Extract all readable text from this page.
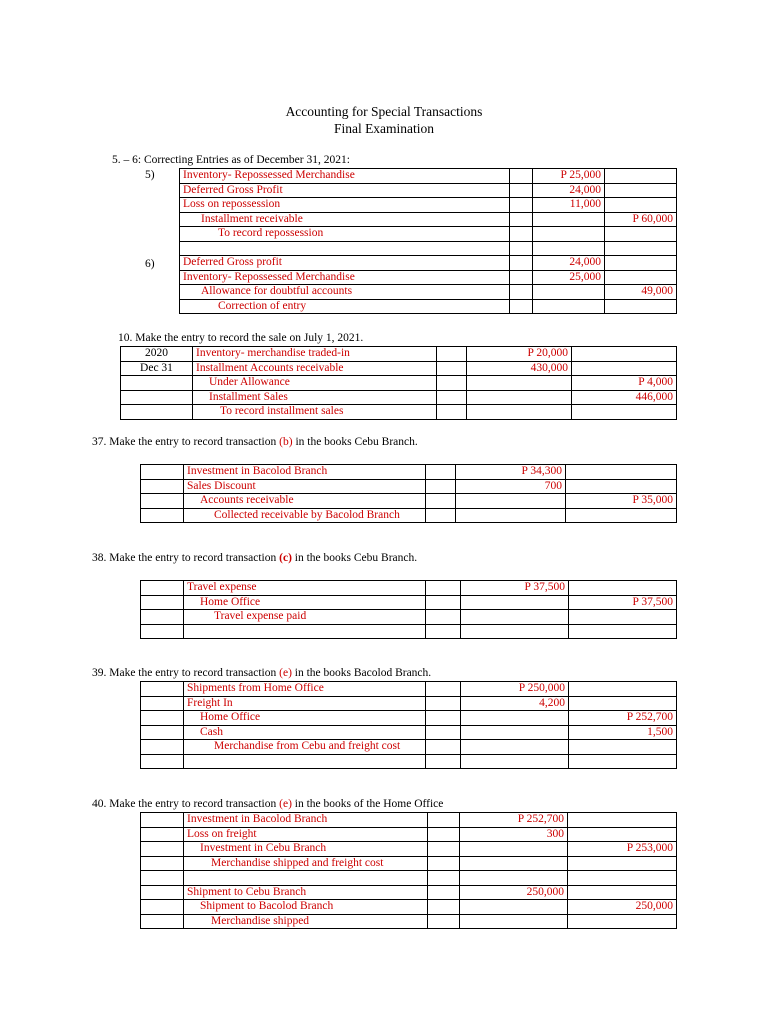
Accounting for Special Transactions
Final Examination
5. – 6: Correcting Entries as of December 31, 2021:
5)
6)
Inventory- Repossessed Merchandise		P 25,000	
Deferred Gross Profit		24,000	
Loss on repossession		11,000	
Installment receivable			P 60,000
To record repossession			

Deferred Gross profit		24,000	
Inventory- Repossessed Merchandise		25,000	
Allowance for doubtful accounts			49,000
Correction of entry			
10. Make the entry to record the sale on July 1, 2021.
2020	Inventory- merchandise traded-in		P 20,000	
Dec 31	Installment Accounts receivable		430,000	
	Under Allowance			P 4,000
	Installment Sales			446,000
	To record installment sales			
37. Make the entry to record transaction (b) in the books Cebu Branch.
	Investment in Bacolod Branch		P 34,300	
	Sales Discount		700	
	Accounts receivable			P 35,000
	Collected receivable by Bacolod Branch			
38. Make the entry to record transaction (c) in the books Cebu Branch.
	Travel expense		P 37,500	
	Home Office			P 37,500
	Travel expense paid			

39. Make the entry to record transaction (e) in the books Bacolod Branch.
	Shipments from Home Office		P 250,000	
	Freight In		4,200	
	Home Office			P 252,700
	Cash			1,500
	Merchandise from Cebu and freight cost			

40. Make the entry to record transaction (e) in the books of the Home Office
	Investment in Bacolod Branch		P 252,700	
	Loss on freight		300	
	Investment in Cebu Branch			P 253,000
	Merchandise shipped and freight cost			

	Shipment to Cebu Branch		250,000	
	Shipment to Bacolod Branch			250,000
	Merchandise shipped			
